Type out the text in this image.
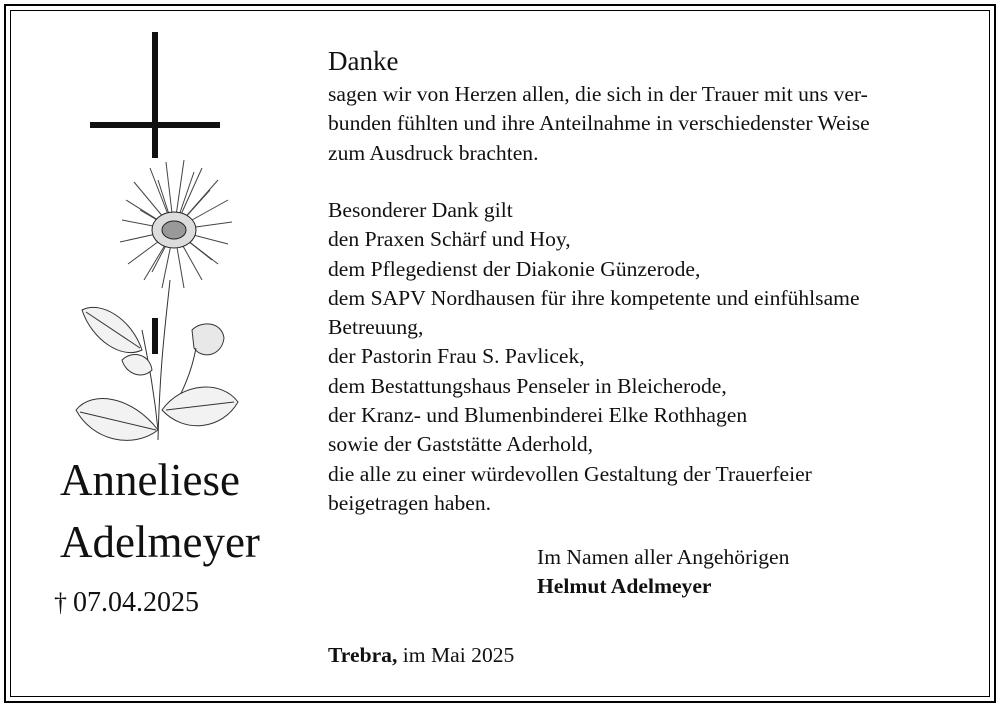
Anneliese
Adelmeyer
† 07.04.2025
Danke

sagen wir von Herzen allen, die sich in der Trauer mit uns ver-
bunden fühlten und ihre Anteilnahme in verschiedenster Weise
zum Ausdruck brachten.

Besonderer Dank gilt
den Praxen Schärf und Hoy,
dem Pflegedienst der Diakonie Günzerode,
dem SAPV Nordhausen für ihre kompetente und einfühlsame
Betreuung,
der Pastorin Frau S. Pavlicek,
dem Bestattungshaus Penseler in Bleicherode,
der Kranz- und Blumenbinderei Elke Rothhagen
sowie der Gaststätte Aderhold,
die alle zu einer würdevollen Gestaltung der Trauerfeier
beigetragen haben.

Im Namen aller Angehörigen
Helmut Adelmeyer
Trebra, im Mai 2025
